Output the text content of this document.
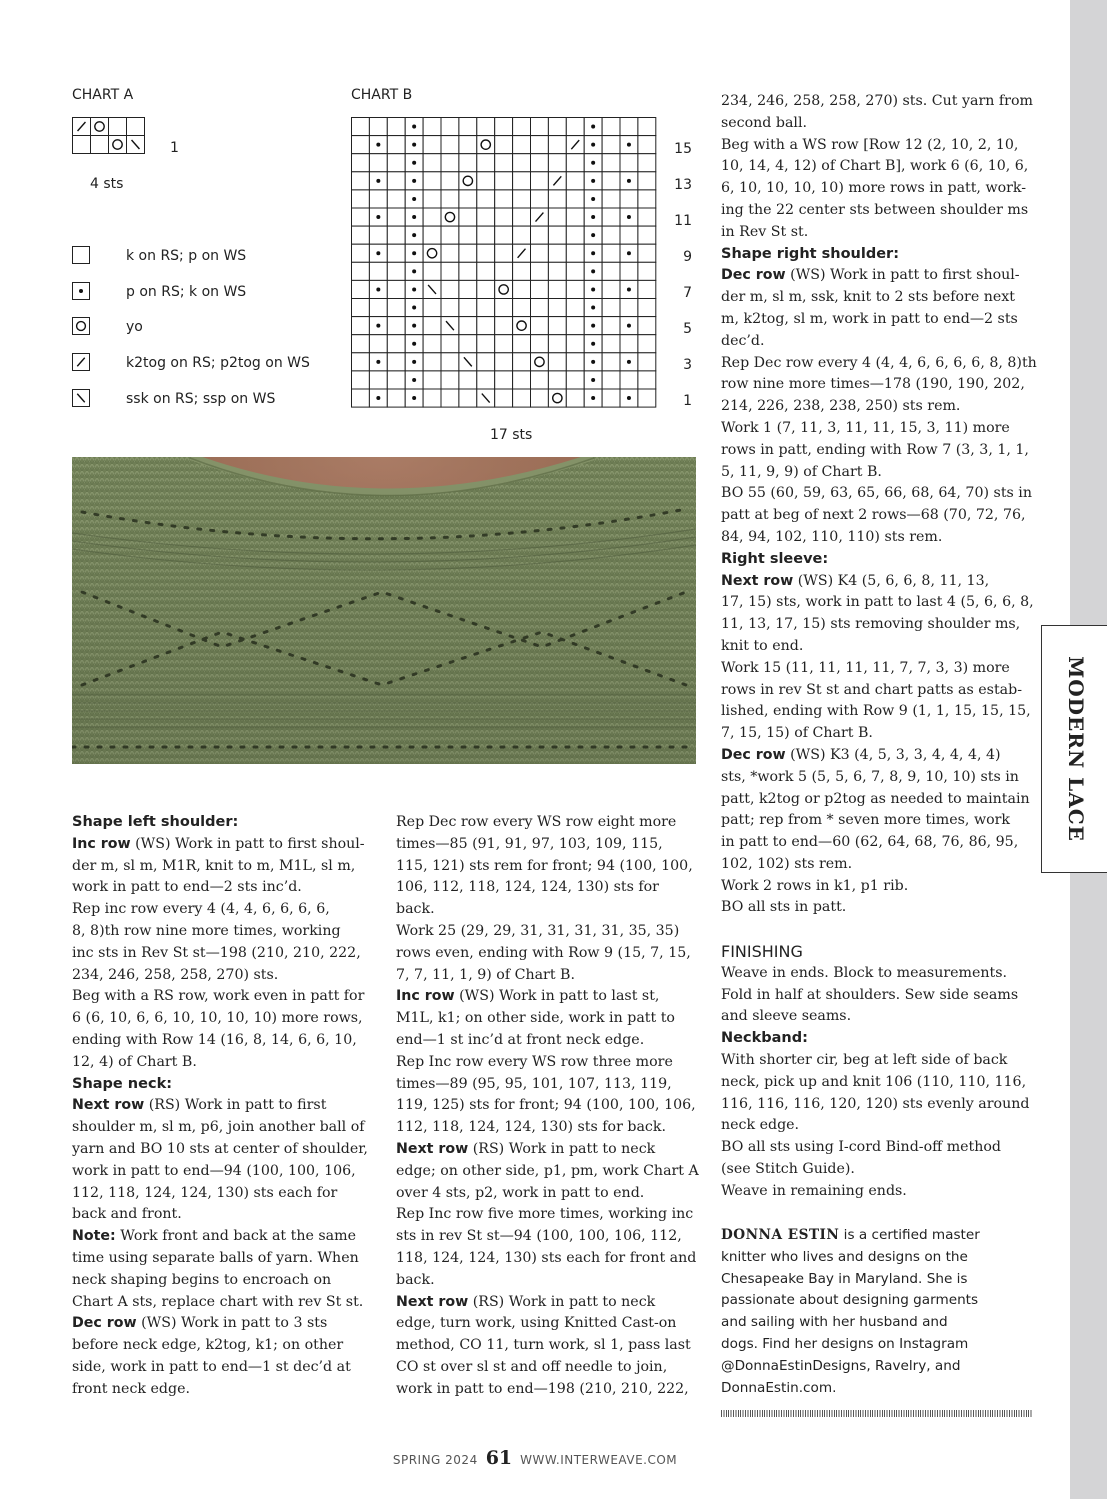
MODERN LACE
CHART A
1
4 sts
k on RS; p on WS
p on RS; k on WS
yo
k2tog on RS; p2tog on WS
ssk on RS; ssp on WS
CHART B
15
13
11
9
7
5
3
1
17 sts

Shape left shoulder:

Inc row (WS) Work in patt to first shoul-
der m, sl m, M1R, knit to m, M1L, sl m,
work in patt to end—2 sts inc’d.

Rep inc row every 4 (4, 4, 6, 6, 6, 6,
8, 8)th row nine more times, working
inc sts in Rev St st—198 (210, 210, 222,
234, 246, 258, 258, 270) sts.

Beg with a RS row, work even in patt for
6 (6, 10, 6, 6, 10, 10, 10, 10) more rows,
ending with Row 14 (16, 8, 14, 6, 6, 10,
12, 4) of Chart B.

Shape neck:

Next row (RS) Work in patt to first
shoulder m, sl m, p6, join another ball of
yarn and BO 10 sts at center of shoulder,
work in patt to end—94 (100, 100, 106,
112, 118, 124, 124, 130) sts each for
back and front.

Note: Work front and back at the same
time using separate balls of yarn. When
neck shaping begins to encroach on
Chart A sts, replace chart with rev St st.

Dec row (WS) Work in patt to 3 sts
before neck edge, k2tog, k1; on other
side, work in patt to end—1 st dec’d at
front neck edge.

Rep Dec row every WS row eight more
times—85 (91, 91, 97, 103, 109, 115,
115, 121) sts rem for front; 94 (100, 100,
106, 112, 118, 124, 124, 130) sts for
back.

Work 25 (29, 29, 31, 31, 31, 31, 35, 35)
rows even, ending with Row 9 (15, 7, 15,
7, 7, 11, 1, 9) of Chart B.

Inc row (WS) Work in patt to last st,
M1L, k1; on other side, work in patt to
end—1 st inc’d at front neck edge.

Rep Inc row every WS row three more
times—89 (95, 95, 101, 107, 113, 119,
119, 125) sts for front; 94 (100, 100, 106,
112, 118, 124, 124, 130) sts for back.

Next row (RS) Work in patt to neck
edge; on other side, p1, pm, work Chart A
over 4 sts, p2, work in patt to end.

Rep Inc row five more times, working inc
sts in rev St st—94 (100, 100, 106, 112,
118, 124, 124, 130) sts each for front and
back.

Next row (RS) Work in patt to neck
edge, turn work, using Knitted Cast-on
method, CO 11, turn work, sl 1, pass last
CO st over sl st and off needle to join,
work in patt to end—198 (210, 210, 222,

234, 246, 258, 258, 270) sts. Cut yarn from
second ball.

Beg with a WS row [Row 12 (2, 10, 2, 10,
10, 14, 4, 12) of Chart B], work 6 (6, 10, 6,
6, 10, 10, 10, 10) more rows in patt, work-
ing the 22 center sts between shoulder ms
in Rev St st.

Shape right shoulder:

Dec row (WS) Work in patt to first shoul-
der m, sl m, ssk, knit to 2 sts before next
m, k2tog, sl m, work in patt to end—2 sts
dec’d.

Rep Dec row every 4 (4, 4, 6, 6, 6, 6, 8, 8)th
row nine more times—178 (190, 190, 202,
214, 226, 238, 238, 250) sts rem.

Work 1 (7, 11, 3, 11, 11, 15, 3, 11) more
rows in patt, ending with Row 7 (3, 3, 1, 1,
5, 11, 9, 9) of Chart B.

BO 55 (60, 59, 63, 65, 66, 68, 64, 70) sts in
patt at beg of next 2 rows—68 (70, 72, 76,
84, 94, 102, 110, 110) sts rem.

Right sleeve:

Next row (WS) K4 (5, 6, 6, 8, 11, 13,
17, 15) sts, work in patt to last 4 (5, 6, 6, 8,
11, 13, 17, 15) sts removing shoulder ms,
knit to end.

Work 15 (11, 11, 11, 11, 7, 7, 3, 3) more
rows in rev St st and chart patts as estab-
lished, ending with Row 9 (1, 1, 15, 15, 15,
7, 15, 15) of Chart B.

Dec row (WS) K3 (4, 5, 3, 3, 4, 4, 4, 4)
sts, *work 5 (5, 5, 6, 7, 8, 9, 10, 10) sts in
patt, k2tog or p2tog as needed to maintain
patt; rep from * seven more times, work
in patt to end—60 (62, 64, 68, 76, 86, 95,
102, 102) sts rem.

Work 2 rows in k1, p1 rib.

BO all sts in patt.

FINISHING

Weave in ends. Block to measurements.
Fold in half at shoulders. Sew side seams
and sleeve seams.

Neckband:

With shorter cir, beg at left side of back
neck, pick up and knit 106 (110, 110, 116,
116, 116, 116, 120, 120) sts evenly around
neck edge.

BO all sts using I-cord Bind-off method
(see Stitch Guide).

Weave in remaining ends.

DONNA ESTIN is a certified master
knitter who lives and designs on the
Chesapeake Bay in Maryland. She is
passionate about designing garments
and sailing with her husband and
dogs. Find her designs on Instagram
@DonnaEstinDesigns, Ravelry, and
DonnaEstin.com.
SPRING 2024 61 WWW.INTERWEAVE.COM
